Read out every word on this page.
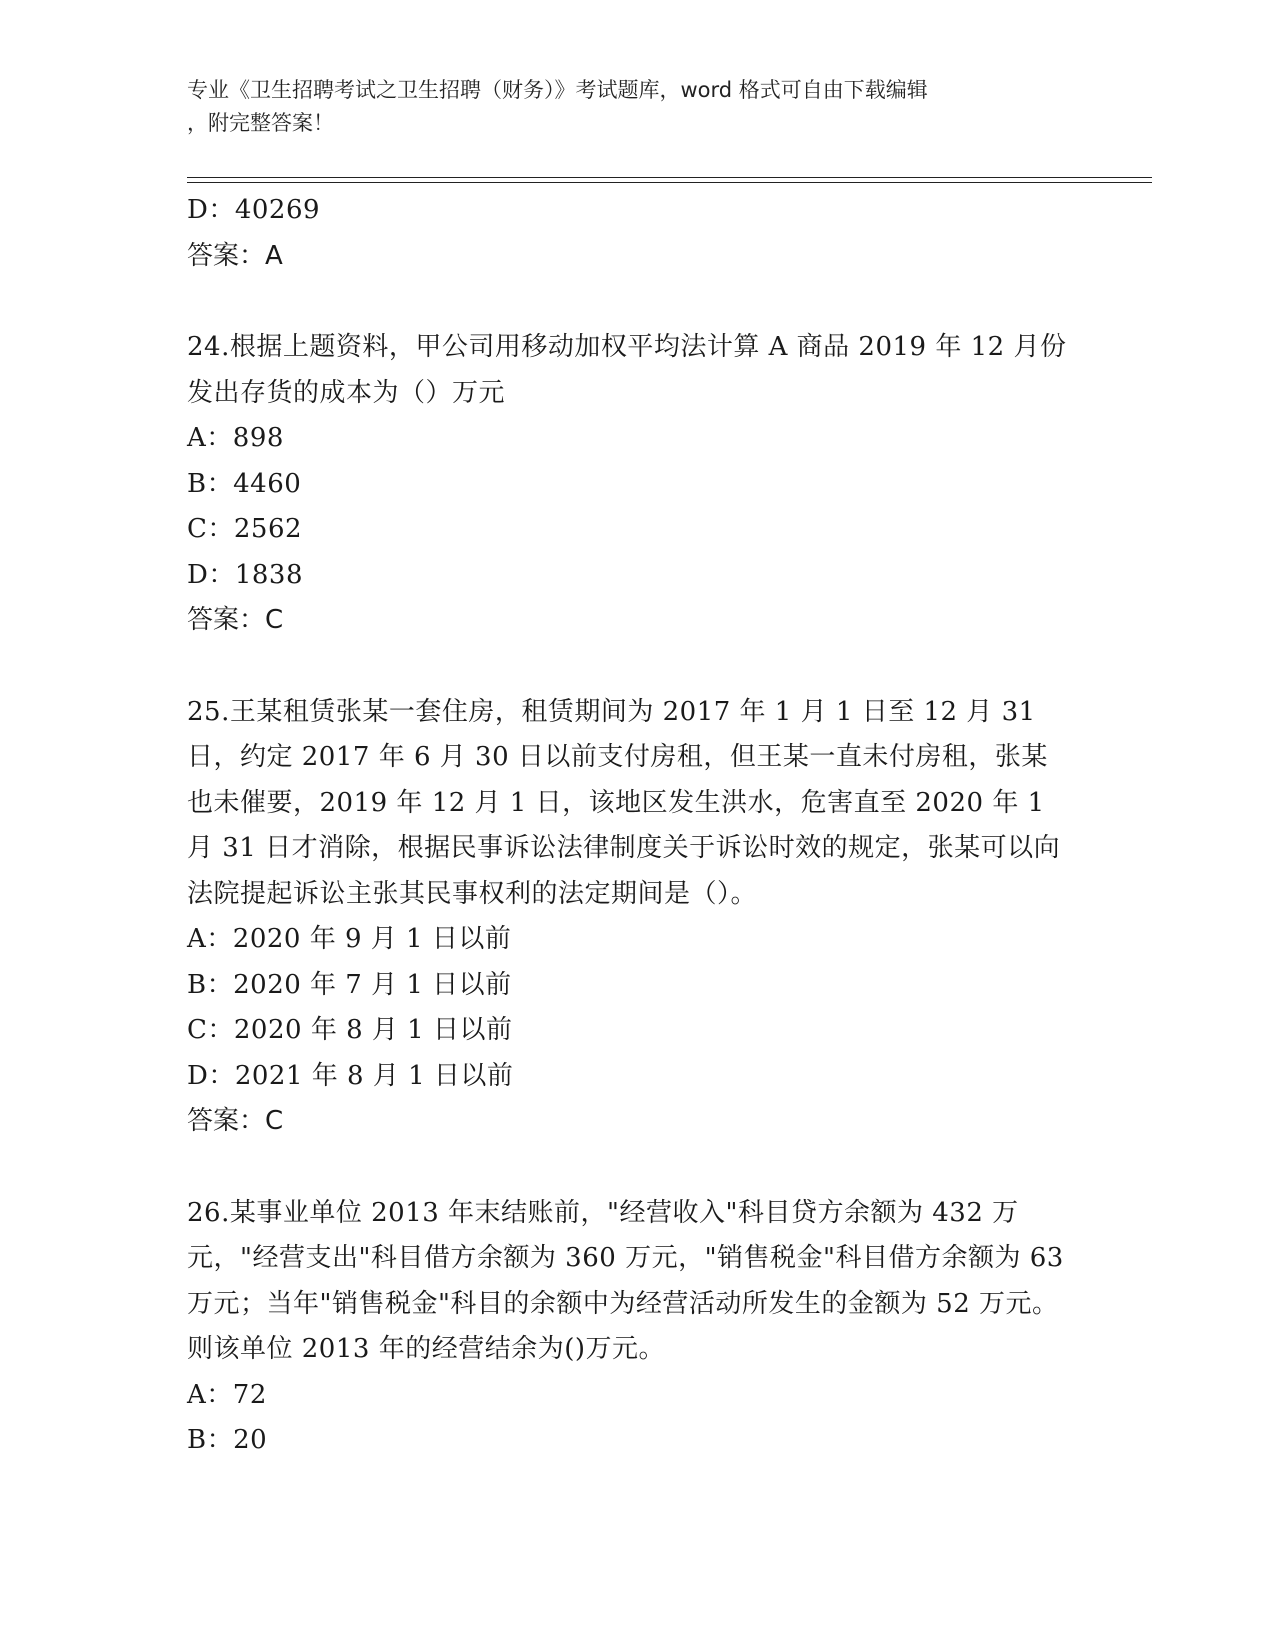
专业《卫生招聘考试之卫生招聘（财务）》考试题库，word 格式可自由下载编辑
，附完整答案！
D：40269
答案：A
24.根据上题资料，甲公司用移动加权平均法计算 A 商品 2019 年 12 月份发出存货的成本为（）万元
A：898
B：4460
C：2562
D：1838
答案：C
25.王某租赁张某一套住房，租赁期间为 2017 年 1 月 1 日至 12 月 31 日，约定 2017 年 6 月 30 日以前支付房租，但王某一直未付房租，张某也未催要，2019 年 12 月 1 日，该地区发生洪水，危害直至 2020 年 1 月 31 日才消除，根据民事诉讼法律制度关于诉讼时效的规定，张某可以向法院提起诉讼主张其民事权利的法定期间是（）。
A：2020 年 9 月 1 日以前
B：2020 年 7 月 1 日以前
C：2020 年 8 月 1 日以前
D：2021 年 8 月 1 日以前
答案：C
26.某事业单位 2013 年末结账前，"经营收入"科目贷方余额为 432 万元，"经营支出"科目借方余额为 360 万元，"销售税金"科目借方余额为 63 万元；当年"销售税金"科目的余额中为经营活动所发生的金额为 52 万元。则该单位 2013 年的经营结余为()万元。
A：72
B：20
